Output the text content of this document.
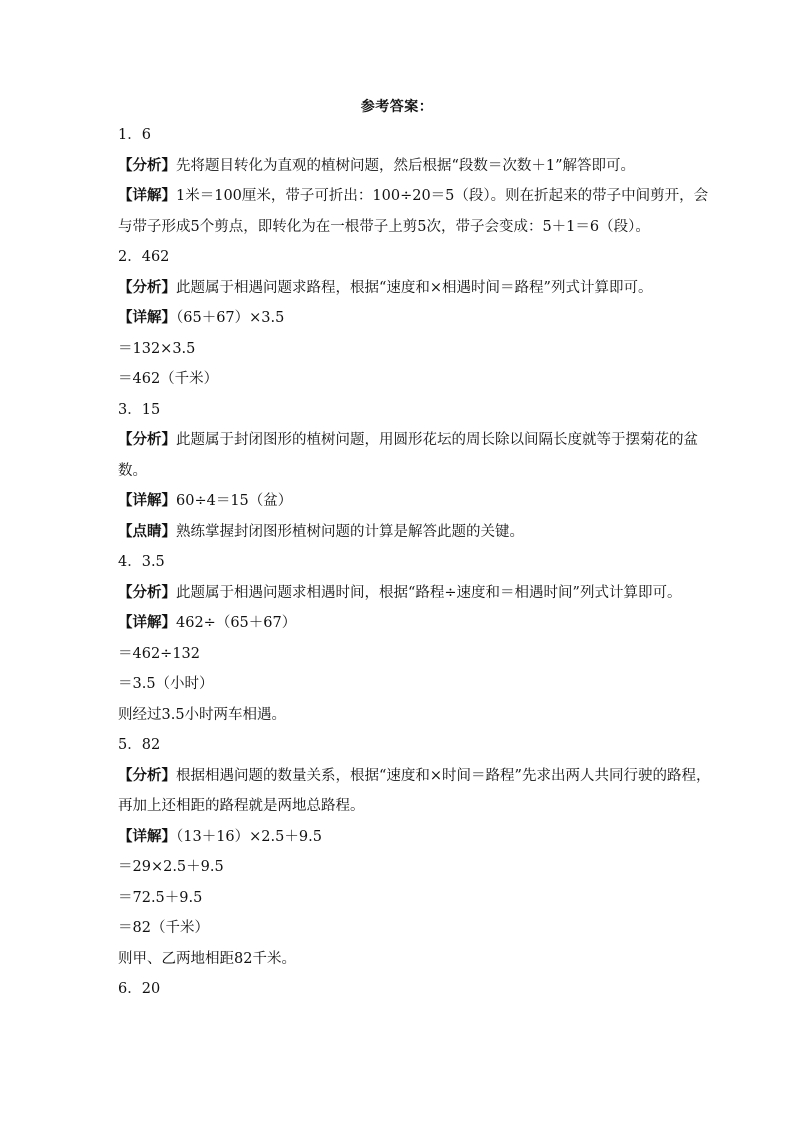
参考答案：
1．6
【分析】先将题目转化为直观的植树问题，然后根据“段数＝次数＋1”解答即可。
【详解】1米＝100厘米，带子可折出：100÷20＝5（段）。则在折起来的带子中间剪开，会
与带子形成5个剪点，即转化为在一根带子上剪5次，带子会变成：5＋1＝6（段）。
2．462
【分析】此题属于相遇问题求路程，根据“速度和×相遇时间＝路程”列式计算即可。
【详解】（65＋67）×3.5
＝132×3.5
＝462（千米）
3．15
【分析】此题属于封闭图形的植树问题，用圆形花坛的周长除以间隔长度就等于摆菊花的盆
数。
【详解】60÷4＝15（盆）
【点睛】熟练掌握封闭图形植树问题的计算是解答此题的关键。
4．3.5
【分析】此题属于相遇问题求相遇时间，根据“路程÷速度和＝相遇时间”列式计算即可。
【详解】462÷（65＋67）
＝462÷132
＝3.5（小时）
则经过3.5小时两车相遇。
5．82
【分析】根据相遇问题的数量关系，根据“速度和×时间＝路程”先求出两人共同行驶的路程，
再加上还相距的路程就是两地总路程。
【详解】（13＋16）×2.5＋9.5
＝29×2.5＋9.5
＝72.5＋9.5
＝82（千米）
则甲、乙两地相距82千米。
6．20
